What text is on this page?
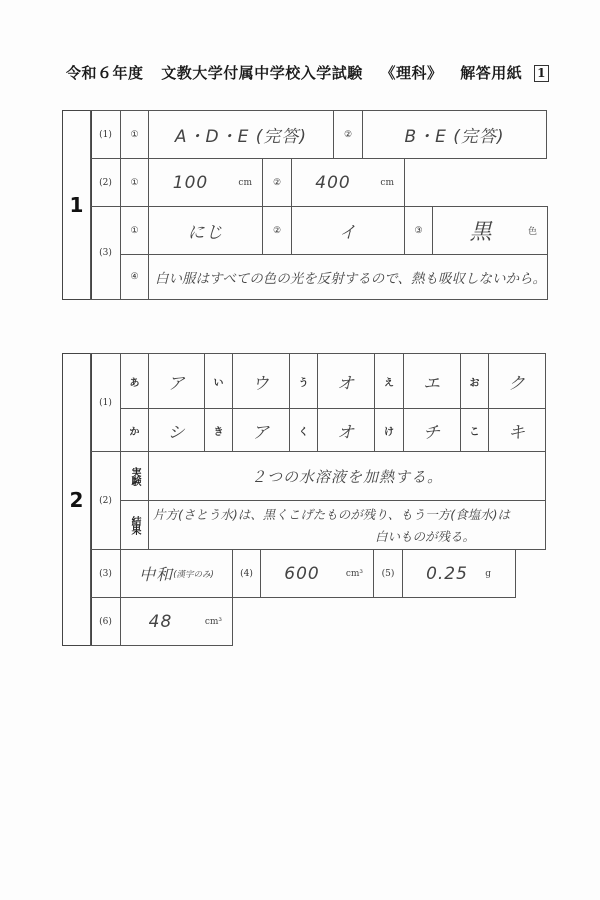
令和６年度 文教大学付属中学校入学試験 《理科》 解答用紙 1
1
(1) ① A・D・E (完答)	②	B・E (完答)
(2) ① 100	cm ② 400	cm
(3)
①	にじ	②	イ	③ 黒	色
④ 白い服はすべての色の光を反射するので、熱も吸収しないから。
2
(1)
あ ア	い ウ	う オ	え エ	お ク
か シ	き ア	く オ	け チ	こ キ
(2)
実験	２つの水溶液を加熱する。
結果
片方(さとう水)は、黒くこげたものが残り、もう一方(食塩水)は
白いものが残る。
(3) 中和 (漢字のみ)	(4) 600	cm³ (5) 0.25 g
(6) 48	cm³
